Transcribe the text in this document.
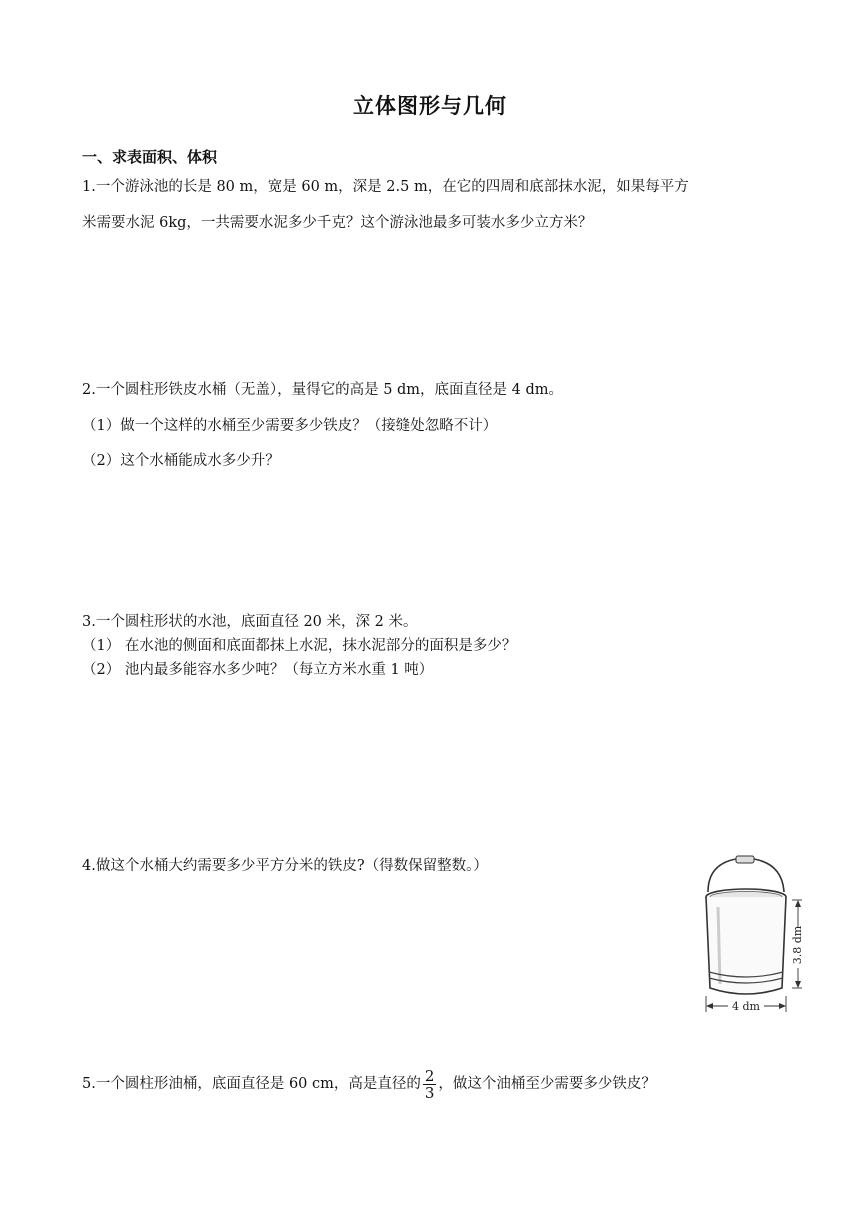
立体图形与几何
一、求表面积、体积
1.一个游泳池的长是 80 m，宽是 60 m，深是 2.5 m，在它的四周和底部抹水泥，如果每平方
米需要水泥 6kg，一共需要水泥多少千克？这个游泳池最多可装水多少立方米？
2.一个圆柱形铁皮水桶（无盖），量得它的高是 5 dm，底面直径是 4 dm。
（1）做一个这样的水桶至少需要多少铁皮？（接缝处忽略不计）
（2）这个水桶能成水多少升？
3.一个圆柱形状的水池，底面直径 20 米，深 2 米。
（1） 在水池的侧面和底面都抹上水泥，抹水泥部分的面积是多少？
（2） 池内最多能容水多少吨？（每立方米水重 1 吨）
4.做这个水桶大约需要多少平方分米的铁皮?（得数保留整数。）
3.8 dm
4 dm
5.一个圆柱形油桶，底面直径是 60 cm，高是直径的 $\frac{2}{3}$ ，做这个油桶至少需要多少铁皮？
